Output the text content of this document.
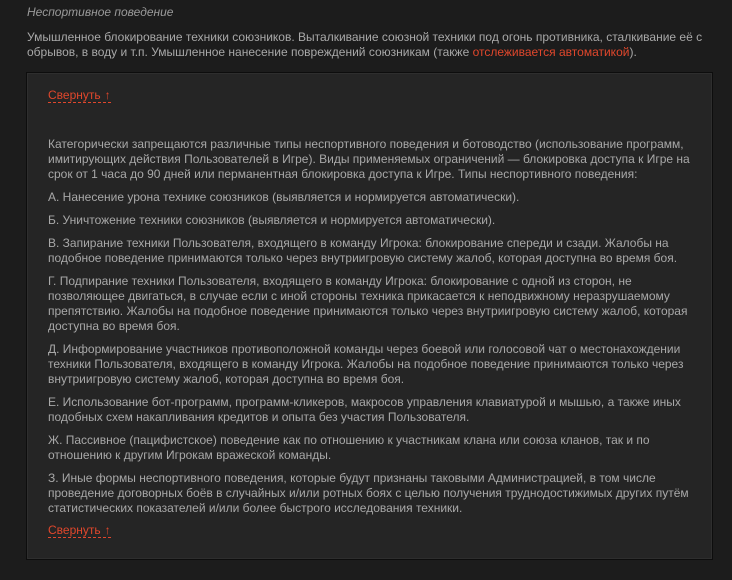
Неспортивное поведение
Умышленное блокирование техники союзников. Выталкивание союзной техники под огонь противника, сталкивание её с обрывов, в воду и т.п. Умышленное нанесение повреждений союзникам (также отслеживается автоматикой).
Свернуть ↑

Категорически запрещаются различные типы неспортивного поведения и ботоводство (использование программ, имитирующих действия Пользователей в Игре). Виды применяемых ограничений — блокировка доступа к Игре на срок от 1 часа до 90 дней или перманентная блокировка доступа к Игре. Типы неспортивного поведения:

А. Нанесение урона технике союзников (выявляется и нормируется автоматически).

Б. Уничтожение техники союзников (выявляется и нормируется автоматически).

В. Запирание техники Пользователя, входящего в команду Игрока: блокирование спереди и сзади. Жалобы на подобное поведение принимаются только через внутриигровую систему жалоб, которая доступна во время боя.

Г. Подпирание техники Пользователя, входящего в команду Игрока: блокирование с одной из сторон, не позволяющее двигаться, в случае если с иной стороны техника прикасается к неподвижному неразрушаемому препятствию. Жалобы на подобное поведение принимаются только через внутриигровую систему жалоб, которая доступна во время боя.

Д. Информирование участников противоположной команды через боевой или голосовой чат о местонахождении техники Пользователя, входящего в команду Игрока. Жалобы на подобное поведение принимаются только через внутриигровую систему жалоб, которая доступна во время боя.

Е. Использование бот-программ, программ-кликеров, макросов управления клавиатурой и мышью, а также иных подобных схем накапливания кредитов и опыта без участия Пользователя.

Ж. Пассивное (пацифистское) поведение как по отношению к участникам клана или союза кланов, так и по отношению к другим Игрокам вражеской команды.

З. Иные формы неспортивного поведения, которые будут признаны таковыми Администрацией, в том числе проведение договорных боёв в случайных и/или ротных боях с целью получения труднодостижимых других путём статистических показателей и/или более быстрого исследования техники.

Свернуть ↑
